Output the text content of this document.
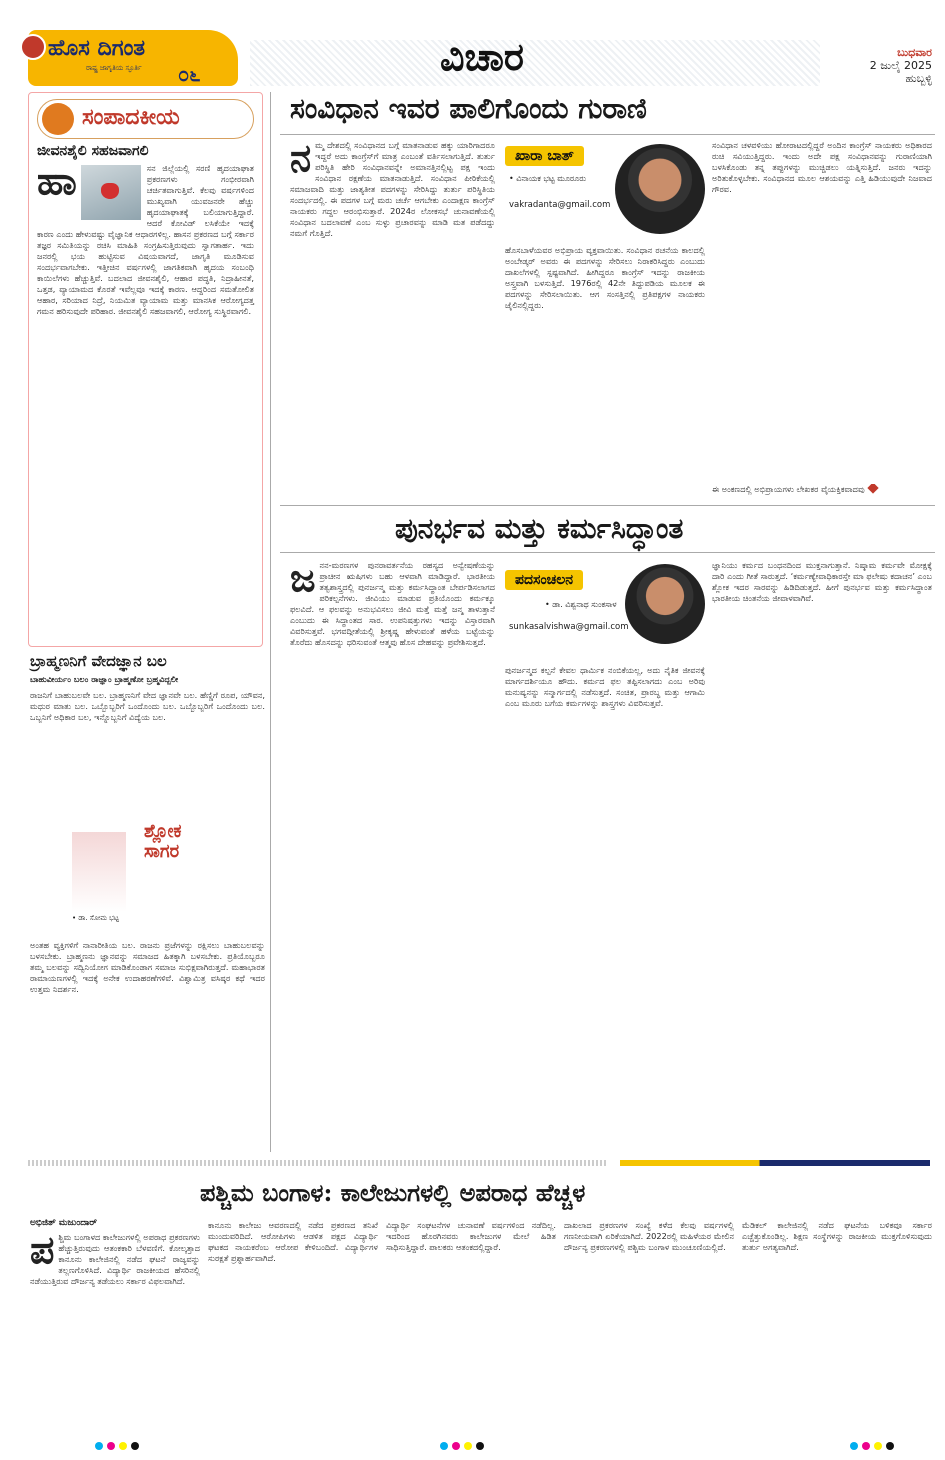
ಹೊಸ ದಿಗಂತ
ರಾಷ್ಟ್ರ ಜಾಗೃತಿಯ ಸ್ಫೂರ್ತಿ ೦೬	ವಿಚಾರ	ಬುಧವಾರ
2 ಜುಲೈ 2025
ಹುಬ್ಬಳ್ಳಿ
ಸಂಪಾದಕೀಯ
ಜೀವನಶೈಲಿ ಸಹಜವಾಗಲಿ
ಹಾ	ಸನ ಜಿಲ್ಲೆಯಲ್ಲಿ ಸರಣಿ ಹೃದಯಾಘಾತ ಪ್ರಕರಣಗಳು ಗಂಭೀರವಾಗಿ ಚರ್ಚಿತವಾಗುತ್ತಿವೆ. ಕೆಲವು ವರ್ಷಗಳಿಂದ ಮುಖ್ಯವಾಗಿ ಯುವಜನರೇ ಹೆಚ್ಚು ಹೃದಯಾಘಾತಕ್ಕೆ ಬಲಿಯಾಗುತ್ತಿದ್ದಾರೆ. ಆದರೆ ಕೋವಿಡ್ ಲಸಿಕೆಯೇ ಇದಕ್ಕೆ ಕಾರಣ ಎಂದು ಹೇಳುವಷ್ಟು ವೈಜ್ಞಾನಿಕ ಆಧಾರಗಳಿಲ್ಲ. ಹಾಸನ ಪ್ರಕರಣದ ಬಗ್ಗೆ ಸರ್ಕಾರ ತಜ್ಞರ ಸಮಿತಿಯನ್ನು ರಚಿಸಿ ಮಾಹಿತಿ ಸಂಗ್ರಹಿಸುತ್ತಿರುವುದು ಸ್ವಾಗತಾರ್ಹ. ಇದು ಜನರಲ್ಲಿ ಭಯ ಹುಟ್ಟಿಸುವ ವಿಷಯವಾಗದೆ, ಜಾಗೃತಿ ಮೂಡಿಸುವ ಸಂದರ್ಭವಾಗಬೇಕು. ಇತ್ತೀಚಿನ ವರ್ಷಗಳಲ್ಲಿ ಜಾಗತಿಕವಾಗಿ ಹೃದಯ ಸಂಬಂಧಿ ಕಾಯಿಲೆಗಳು ಹೆಚ್ಚುತ್ತಿವೆ. ಬದಲಾದ ಜೀವನಶೈಲಿ, ಆಹಾರ ಪದ್ಧತಿ, ನಿದ್ರಾಹೀನತೆ, ಒತ್ತಡ, ವ್ಯಾಯಾಮದ ಕೊರತೆ ಇವೆಲ್ಲವೂ ಇದಕ್ಕೆ ಕಾರಣ. ಆದ್ದರಿಂದ ಸಮತೋಲಿತ ಆಹಾರ, ಸರಿಯಾದ ನಿದ್ರೆ, ನಿಯಮಿತ ವ್ಯಾಯಾಮ ಮತ್ತು ಮಾನಸಿಕ ಆರೋಗ್ಯದತ್ತ ಗಮನ ಹರಿಸುವುದೇ ಪರಿಹಾರ. ಜೀವನಶೈಲಿ ಸಹಜವಾಗಲಿ, ಆರೋಗ್ಯ ಸುಸ್ಥಿರವಾಗಲಿ.
ಸಂವಿಧಾನ ಇವರ ಪಾಲಿಗೊಂದು ಗುರಾಣಿ
ನ ಮ್ಮ ದೇಶದಲ್ಲಿ ಸಂವಿಧಾನದ ಬಗ್ಗೆ ಮಾತನಾಡುವ ಹಕ್ಕು ಯಾರಿಗಾದರೂ ಇದ್ದರೆ ಅದು ಕಾಂಗ್ರೆಸ್‌ಗೆ ಮಾತ್ರ ಎಂಬಂತೆ ವರ್ತಿಸಲಾಗುತ್ತಿದೆ. ತುರ್ತು ಪರಿಸ್ಥಿತಿ ಹೇರಿ ಸಂವಿಧಾನವನ್ನೇ ಅಮಾನತ್ತಿನಲ್ಲಿಟ್ಟ ಪಕ್ಷ ಇಂದು ಸಂವಿಧಾನ ರಕ್ಷಣೆಯ ಮಾತನಾಡುತ್ತಿದೆ. ಸಂವಿಧಾನ ಪೀಠಿಕೆಯಲ್ಲಿ ಸಮಾಜವಾದಿ ಮತ್ತು ಜಾತ್ಯತೀತ ಪದಗಳನ್ನು ಸೇರಿಸಿದ್ದು ತುರ್ತು ಪರಿಸ್ಥಿತಿಯ ಸಂದರ್ಭದಲ್ಲಿ. ಈ ಪದಗಳ ಬಗ್ಗೆ ಮರು ಚರ್ಚೆ ಆಗಬೇಕು ಎಂದಾಕ್ಷಣ ಕಾಂಗ್ರೆಸ್ ನಾಯಕರು ಗದ್ದಲ ಆರಂಭಿಸುತ್ತಾರೆ. 2024ರ ಲೋಕಸಭೆ ಚುನಾವಣೆಯಲ್ಲಿ ಸಂವಿಧಾನ ಬದಲಾವಣೆ ಎಂಬ ಸುಳ್ಳು ಪ್ರಚಾರವನ್ನು ಮಾಡಿ ಮತ ಪಡೆದದ್ದು ನಮಗೆ ಗೊತ್ತಿದೆ.
ಖಾರಾ ಬಾತ್
• ವಿನಾಯಕ ಭಟ್ಟ ಮೂರೂರು
vakradanta@gmail.com
ಹೊಸಬಾಳೆಯವರ ಅಭಿಪ್ರಾಯ ವ್ಯಕ್ತವಾಯಿತು. ಸಂವಿಧಾನ ರಚನೆಯ ಕಾಲದಲ್ಲಿ ಅಂಬೇಡ್ಕರ್ ಅವರು ಈ ಪದಗಳನ್ನು ಸೇರಿಸಲು ನಿರಾಕರಿಸಿದ್ದರು ಎಂಬುದು ದಾಖಲೆಗಳಲ್ಲಿ ಸ್ಪಷ್ಟವಾಗಿದೆ. ಹೀಗಿದ್ದರೂ ಕಾಂಗ್ರೆಸ್ ಇದನ್ನು ರಾಜಕೀಯ ಅಸ್ತ್ರವಾಗಿ ಬಳಸುತ್ತಿದೆ. 1976ರಲ್ಲಿ 42ನೇ ತಿದ್ದುಪಡಿಯ ಮೂಲಕ ಈ ಪದಗಳನ್ನು ಸೇರಿಸಲಾಯಿತು. ಆಗ ಸಂಸತ್ತಿನಲ್ಲಿ ಪ್ರತಿಪಕ್ಷಗಳ ನಾಯಕರು ಜೈಲಿನಲ್ಲಿದ್ದರು.
ಸಂವಿಧಾನ ಚಳವಳಿಯು ಹೋರಾಟದಲ್ಲಿದ್ದರೆ ಅಂದಿನ ಕಾಂಗ್ರೆಸ್ ನಾಯಕರು ಅಧಿಕಾರದ ರುಚಿ ಸವಿಯುತ್ತಿದ್ದರು. ಇಂದು ಅದೇ ಪಕ್ಷ ಸಂವಿಧಾನವನ್ನು ಗುರಾಣಿಯಾಗಿ ಬಳಸಿಕೊಂಡು ತನ್ನ ತಪ್ಪುಗಳನ್ನು ಮುಚ್ಚಿಡಲು ಯತ್ನಿಸುತ್ತಿದೆ. ಜನರು ಇದನ್ನು ಅರಿತುಕೊಳ್ಳಬೇಕು. ಸಂವಿಧಾನದ ಮೂಲ ಆಶಯವನ್ನು ಎತ್ತಿ ಹಿಡಿಯುವುದೇ ನಿಜವಾದ ಗೌರವ.
ಈ ಅಂಕಣದಲ್ಲಿ ಅಭಿಪ್ರಾಯಗಳು ಲೇಖಕರ ವೈಯಕ್ತಿಕವಾದವು
ಪುನರ್ಭವ ಮತ್ತು ಕರ್ಮಸಿದ್ಧಾಂತ
ಜ ನನ-ಮರಣಗಳ ಪುನರಾವರ್ತನೆಯ ರಹಸ್ಯದ ಅನ್ವೇಷಣೆಯನ್ನು ಪ್ರಾಚೀನ ಋಷಿಗಳು ಬಹು ಆಳವಾಗಿ ಮಾಡಿದ್ದಾರೆ. ಭಾರತೀಯ ತತ್ವಶಾಸ್ತ್ರದಲ್ಲಿ ಪುನರ್ಜನ್ಮ ಮತ್ತು ಕರ್ಮಸಿದ್ಧಾಂತ ಬೇರ್ಪಡಿಸಲಾಗದ ಪರಿಕಲ್ಪನೆಗಳು. ಜೀವಿಯು ಮಾಡುವ ಪ್ರತಿಯೊಂದು ಕರ್ಮಕ್ಕೂ ಫಲವಿದೆ. ಆ ಫಲವನ್ನು ಅನುಭವಿಸಲು ಜೀವಿ ಮತ್ತೆ ಮತ್ತೆ ಜನ್ಮ ತಾಳುತ್ತಾನೆ ಎಂಬುದು ಈ ಸಿದ್ಧಾಂತದ ಸಾರ. ಉಪನಿಷತ್ತುಗಳು ಇದನ್ನು ವಿಸ್ತಾರವಾಗಿ ವಿವರಿಸುತ್ತವೆ. ಭಗವದ್ಗೀತೆಯಲ್ಲಿ ಶ್ರೀಕೃಷ್ಣ ಹೇಳುವಂತೆ ಹಳೆಯ ಬಟ್ಟೆಯನ್ನು ತೊರೆದು ಹೊಸದನ್ನು ಧರಿಸುವಂತೆ ಆತ್ಮವು ಹೊಸ ದೇಹವನ್ನು ಪ್ರವೇಶಿಸುತ್ತದೆ.
ಪದಸಂಚಲನ
• ಡಾ. ವಿಶ್ವನಾಥ ಸುಂಕಸಾಳ
sunkasalvishwa@gmail.com
ಪುನರ್ಜನ್ಮದ ಕಲ್ಪನೆ ಕೇವಲ ಧಾರ್ಮಿಕ ನಂಬಿಕೆಯಲ್ಲ, ಅದು ನೈತಿಕ ಜೀವನಕ್ಕೆ ಮಾರ್ಗದರ್ಶಿಯೂ ಹೌದು. ಕರ್ಮದ ಫಲ ತಪ್ಪಿಸಲಾಗದು ಎಂಬ ಅರಿವು ಮನುಷ್ಯನನ್ನು ಸನ್ಮಾರ್ಗದಲ್ಲಿ ನಡೆಸುತ್ತದೆ. ಸಂಚಿತ, ಪ್ರಾರಬ್ಧ ಮತ್ತು ಆಗಾಮಿ ಎಂಬ ಮೂರು ಬಗೆಯ ಕರ್ಮಗಳನ್ನು ಶಾಸ್ತ್ರಗಳು ವಿವರಿಸುತ್ತವೆ.
ಜ್ಞಾನಿಯು ಕರ್ಮದ ಬಂಧನದಿಂದ ಮುಕ್ತನಾಗುತ್ತಾನೆ. ನಿಷ್ಕಾಮ ಕರ್ಮವೇ ಮೋಕ್ಷಕ್ಕೆ ದಾರಿ ಎಂದು ಗೀತೆ ಸಾರುತ್ತದೆ. ‘ಕರ್ಮಣ್ಯೇವಾಧಿಕಾರಸ್ತೇ ಮಾ ಫಲೇಷು ಕದಾಚನ’ ಎಂಬ ಶ್ಲೋಕ ಇದರ ಸಾರವನ್ನು ಹಿಡಿದಿಡುತ್ತದೆ. ಹೀಗೆ ಪುನರ್ಭವ ಮತ್ತು ಕರ್ಮಸಿದ್ಧಾಂತ ಭಾರತೀಯ ಚಿಂತನೆಯ ಜೀವಾಳವಾಗಿವೆ.
ಬ್ರಾಹ್ಮಣನಿಗೆ ವೇದಜ್ಞಾನ ಬಲ
ಬಾಹುವೀರ್ಯಂ ಬಲಂ ರಾಜ್ಞಾಂ ಬ್ರಾಹ್ಮಣೋ ಬ್ರಹ್ಮವಿದ್ಬಲೀ
ರಾಜನಿಗೆ ಬಾಹುಬಲವೇ ಬಲ. ಬ್ರಾಹ್ಮಣನಿಗೆ ವೇದ ಜ್ಞಾನವೇ ಬಲ. ಹೆಣ್ಣಿಗೆ ರೂಪ, ಯೌವನ, ಮಧುರ ಮಾತು ಬಲ. ಒಬ್ಬೊಬ್ಬರಿಗೆ ಒಂದೊಂದು ಬಲ. ಒಬ್ಬೊಬ್ಬರಿಗೆ ಒಂದೊಂದು ಬಲ. ಒಬ್ಬನಿಗೆ ಅಧಿಕಾರ ಬಲ, ಇನ್ನೊಬ್ಬನಿಗೆ ವಿದ್ಯೆಯ ಬಲ.
ಶ್ಲೋಕ ಸಾಗರ
• ಡಾ. ಸೋಮ ಭಟ್ಟ
ಅಂತಹ ವ್ಯಕ್ತಿಗಳಿಗೆ ನಾನಾರೀತಿಯ ಬಲ. ರಾಜನು ಪ್ರಜೆಗಳನ್ನು ರಕ್ಷಿಸಲು ಬಾಹುಬಲವನ್ನು ಬಳಸಬೇಕು. ಬ್ರಾಹ್ಮಣನು ಜ್ಞಾನವನ್ನು ಸಮಾಜದ ಹಿತಕ್ಕಾಗಿ ಬಳಸಬೇಕು. ಪ್ರತಿಯೊಬ್ಬರೂ ತಮ್ಮ ಬಲವನ್ನು ಸದ್ವಿನಿಯೋಗ ಮಾಡಿಕೊಂಡಾಗ ಸಮಾಜ ಸುಭಿಕ್ಷವಾಗಿರುತ್ತದೆ. ಮಹಾಭಾರತ ರಾಮಾಯಣಗಳಲ್ಲಿ ಇದಕ್ಕೆ ಅನೇಕ ಉದಾಹರಣೆಗಳಿವೆ. ವಿಶ್ವಾಮಿತ್ರ ವಸಿಷ್ಠರ ಕಥೆ ಇದರ ಉತ್ತಮ ನಿದರ್ಶನ.
ಪಶ್ಚಿಮ ಬಂಗಾಳ: ಕಾಲೇಜುಗಳಲ್ಲಿ ಅಪರಾಧ ಹೆಚ್ಚಳ
ಅಭಿಜಿತ್ ಮಜುಂದಾರ್
ಪ ಶ್ಚಿಮ ಬಂಗಾಳದ ಕಾಲೇಜುಗಳಲ್ಲಿ ಅಪರಾಧ ಪ್ರಕರಣಗಳು ಹೆಚ್ಚುತ್ತಿರುವುದು ಆತಂಕಕಾರಿ ಬೆಳವಣಿಗೆ. ಕೋಲ್ಕತ್ತಾದ ಕಾನೂನು ಕಾಲೇಜಿನಲ್ಲಿ ನಡೆದ ಘಟನೆ ರಾಜ್ಯವನ್ನು ತಲ್ಲಣಗೊಳಿಸಿದೆ. ವಿದ್ಯಾರ್ಥಿ ರಾಜಕೀಯದ ಹೆಸರಿನಲ್ಲಿ ನಡೆಯುತ್ತಿರುವ ದೌರ್ಜನ್ಯ ತಡೆಯಲು ಸರ್ಕಾರ ವಿಫಲವಾಗಿದೆ.
ಕಾನೂನು ಕಾಲೇಜು ಆವರಣದಲ್ಲಿ ನಡೆದ ಪ್ರಕರಣದ ತನಿಖೆ ಮುಂದುವರಿದಿದೆ. ಆರೋಪಿಗಳು ಆಡಳಿತ ಪಕ್ಷದ ವಿದ್ಯಾರ್ಥಿ ಘಟಕದ ನಾಯಕರೆಂಬ ಆರೋಪ ಕೇಳಿಬಂದಿದೆ. ವಿದ್ಯಾರ್ಥಿಗಳ ಸುರಕ್ಷತೆ ಪ್ರಶ್ನಾರ್ಹವಾಗಿದೆ.
ವಿದ್ಯಾರ್ಥಿ ಸಂಘಟನೆಗಳ ಚುನಾವಣೆ ವರ್ಷಗಳಿಂದ ನಡೆದಿಲ್ಲ. ಇದರಿಂದ ಹೊರಗಿನವರು ಕಾಲೇಜುಗಳ ಮೇಲೆ ಹಿಡಿತ ಸಾಧಿಸುತ್ತಿದ್ದಾರೆ. ಪಾಲಕರು ಆತಂಕದಲ್ಲಿದ್ದಾರೆ.
ದಾಖಲಾದ ಪ್ರಕರಣಗಳ ಸಂಖ್ಯೆ ಕಳೆದ ಕೆಲವು ವರ್ಷಗಳಲ್ಲಿ ಗಣನೀಯವಾಗಿ ಏರಿಕೆಯಾಗಿದೆ. 2022ರಲ್ಲಿ ಮಹಿಳೆಯರ ಮೇಲಿನ ದೌರ್ಜನ್ಯ ಪ್ರಕರಣಗಳಲ್ಲಿ ಪಶ್ಚಿಮ ಬಂಗಾಳ ಮುಂಚೂಣಿಯಲ್ಲಿದೆ.
ಮೆಡಿಕಲ್ ಕಾಲೇಜಿನಲ್ಲಿ ನಡೆದ ಘಟನೆಯ ಬಳಿಕವೂ ಸರ್ಕಾರ ಎಚ್ಚೆತ್ತುಕೊಂಡಿಲ್ಲ. ಶಿಕ್ಷಣ ಸಂಸ್ಥೆಗಳನ್ನು ರಾಜಕೀಯ ಮುಕ್ತಗೊಳಿಸುವುದು ತುರ್ತು ಅಗತ್ಯವಾಗಿದೆ.
